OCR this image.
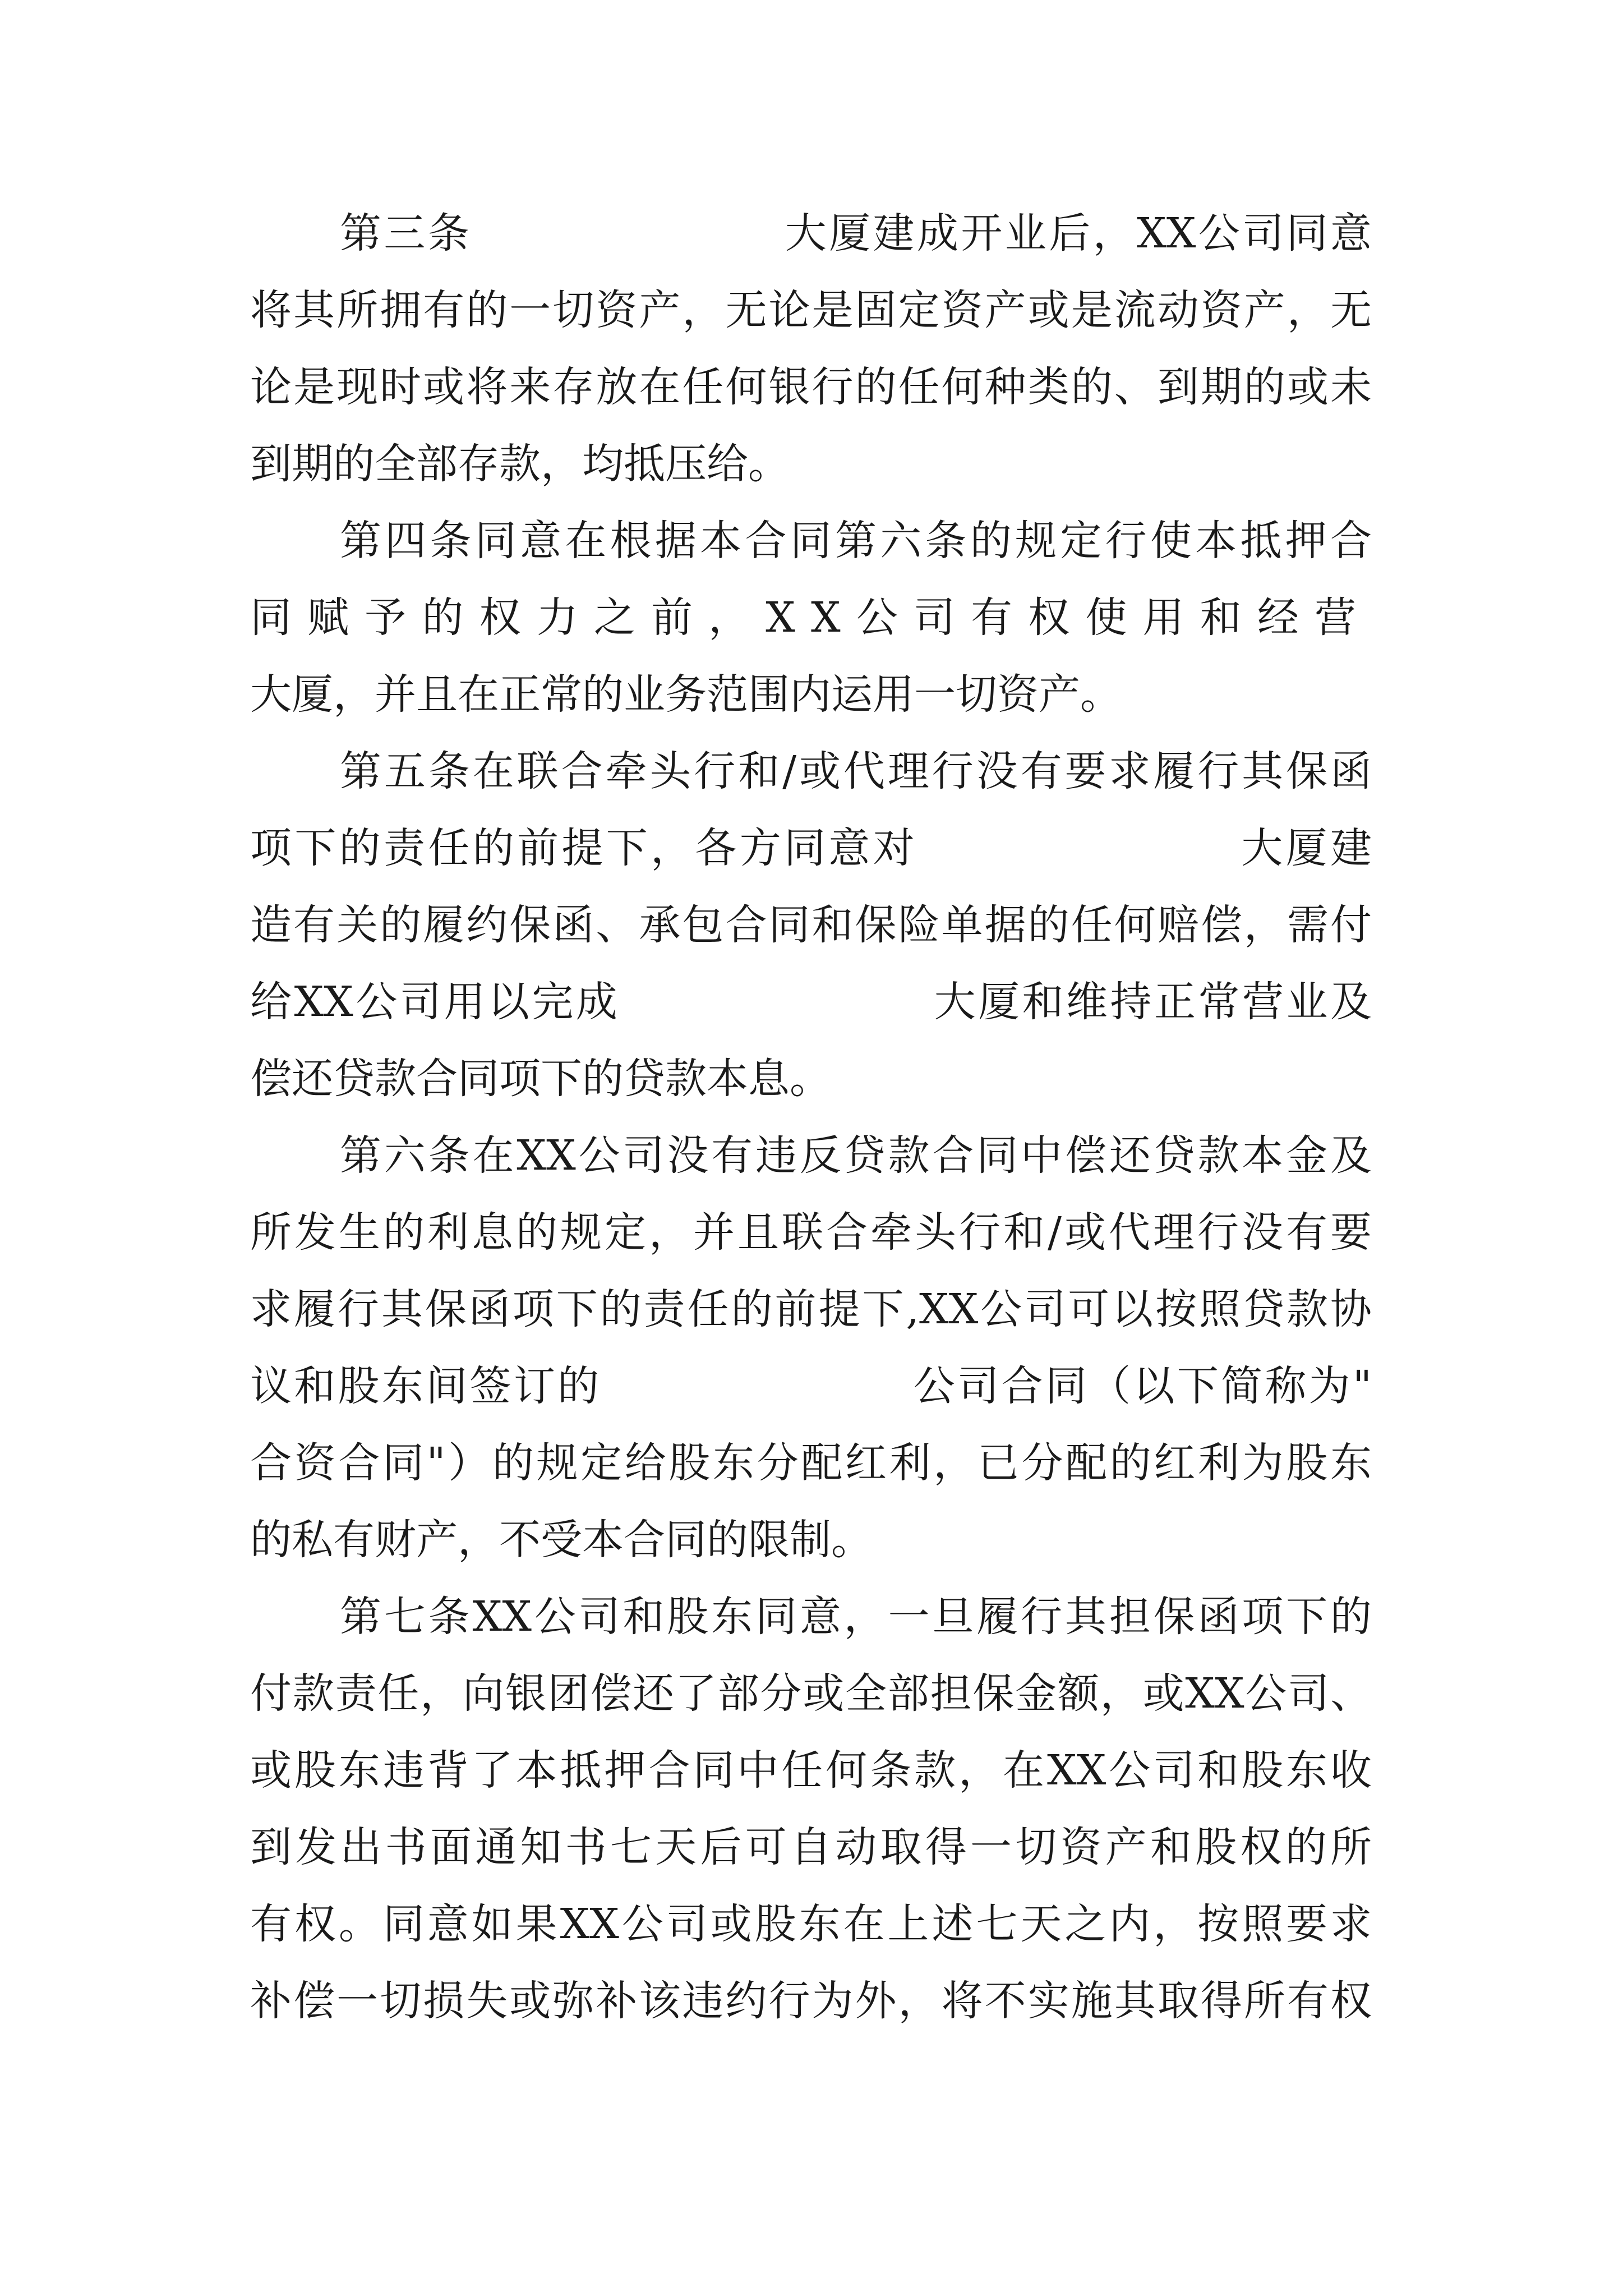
第三条                    大厦建成开业后，XX公司同意
将其所拥有的一切资产，无论是固定资产或是流动资产，无
论是现时或将来存放在任何银行的任何种类的、到期的或未
到期的全部存款，均抵压给。
第四条同意在根据本合同第六条的规定行使本抵押合
同赋予的权力之前，XX公司有权使用和经营
大厦，并且在正常的业务范围内运用一切资产。
第五条在联合牵头行和/或代理行没有要求履行其保函
项下的责任的前提下，各方同意对                    大厦建
造有关的履约保函、承包合同和保险单据的任何赔偿，需付
给XX公司用以完成                    大厦和维持正常营业及
偿还贷款合同项下的贷款本息。
第六条在XX公司没有违反贷款合同中偿还贷款本金及
所发生的利息的规定，并且联合牵头行和/或代理行没有要
求履行其保函项下的责任的前提下,XX公司可以按照贷款协
议和股东间签订的                    公司合同（以下简称为"
合资合同"）的规定给股东分配红利，已分配的红利为股东
的私有财产，不受本合同的限制。
第七条XX公司和股东同意，一旦履行其担保函项下的
付款责任，向银团偿还了部分或全部担保金额，或XX公司、
或股东违背了本抵押合同中任何条款，在XX公司和股东收
到发出书面通知书七天后可自动取得一切资产和股权的所
有权。同意如果XX公司或股东在上述七天之内，按照要求
补偿一切损失或弥补该违约行为外，将不实施其取得所有权
